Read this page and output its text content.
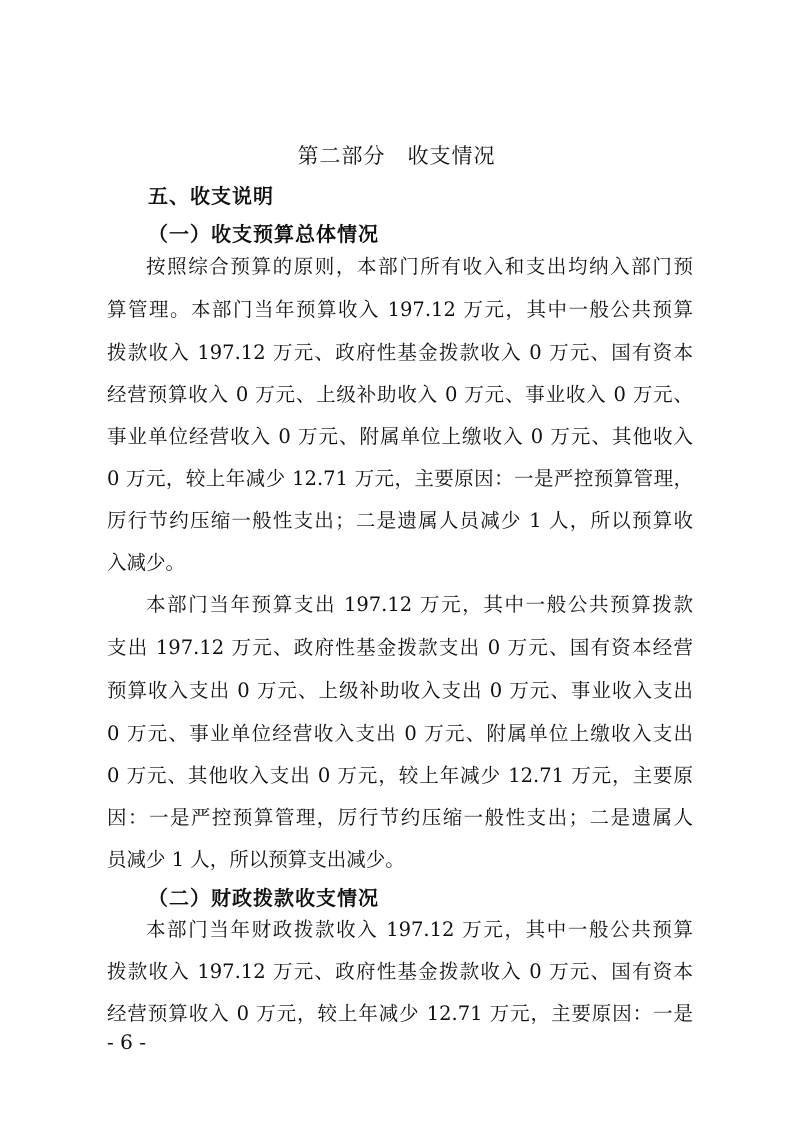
第二部分　收支情况
五、收支说明
（一）收支预算总体情况
按照综合预算的原则，本部门所有收入和支出均纳入部门预
算管理。本部门当年预算收入 197.12 万元，其中一般公共预算
拨款收入 197.12 万元、政府性基金拨款收入 0 万元、国有资本
经营预算收入 0 万元、上级补助收入 0 万元、事业收入 0 万元、
事业单位经营收入 0 万元、附属单位上缴收入 0 万元、其他收入
0 万元，较上年减少 12.71 万元，主要原因：一是严控预算管理，
厉行节约压缩一般性支出；二是遗属人员减少 1 人，所以预算收
入减少。
本部门当年预算支出 197.12 万元，其中一般公共预算拨款
支出 197.12 万元、政府性基金拨款支出 0 万元、国有资本经营
预算收入支出 0 万元、上级补助收入支出 0 万元、事业收入支出
0 万元、事业单位经营收入支出 0 万元、附属单位上缴收入支出
0 万元、其他收入支出 0 万元，较上年减少 12.71 万元，主要原
因：一是严控预算管理，厉行节约压缩一般性支出；二是遗属人
员减少 1 人，所以预算支出减少。
（二）财政拨款收支情况
本部门当年财政拨款收入 197.12 万元，其中一般公共预算
拨款收入 197.12 万元、政府性基金拨款收入 0 万元、国有资本
经营预算收入 0 万元，较上年减少 12.71 万元，主要原因：一是
- 6 -
